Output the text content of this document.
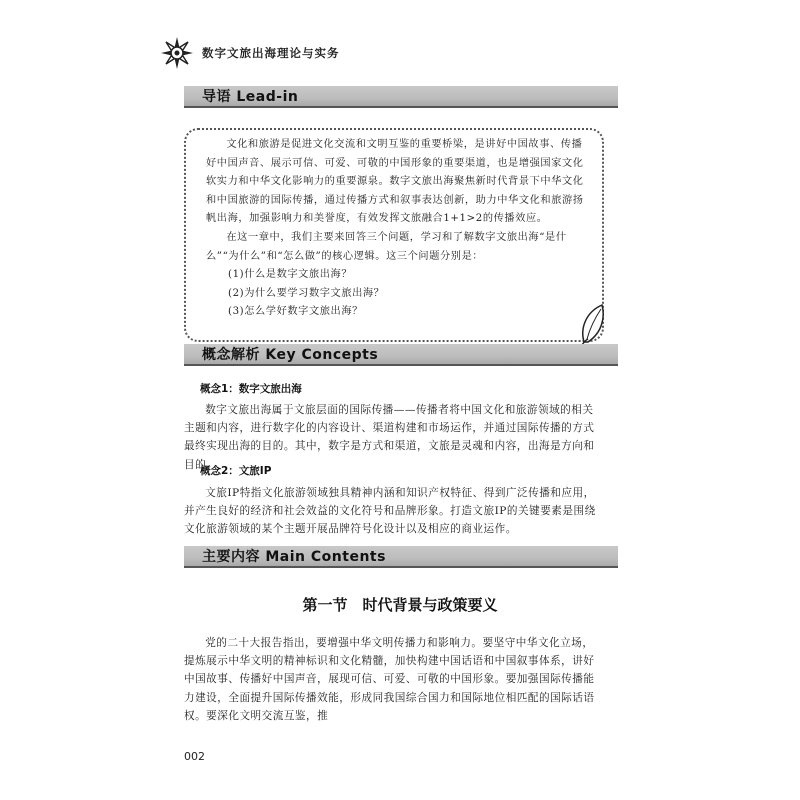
数字文旅出海理论与实务
导语 Lead-in

文化和旅游是促进文化交流和文明互鉴的重要桥梁，是讲好中国故事、传播好中国声音、展示可信、可爱、可敬的中国形象的重要渠道，也是增强国家文化软实力和中华文化影响力的重要源泉。数字文旅出海聚焦新时代背景下中华文化和中国旅游的国际传播，通过传播方式和叙事表达创新，助力中华文化和旅游扬帆出海，加强影响力和美誉度，有效发挥文旅融合1+1>2的传播效应。

在这一章中，我们主要来回答三个问题，学习和了解数字文旅出海“是什么”“为什么”和“怎么做”的核心逻辑。这三个问题分别是：

(1)什么是数字文旅出海？

(2)为什么要学习数字文旅出海？

(3)怎么学好数字文旅出海？

概念解析 Key Concepts
概念1：数字文旅出海

数字文旅出海属于文旅层面的国际传播——传播者将中国文化和旅游领域的相关主题和内容，进行数字化的内容设计、渠道构建和市场运作，并通过国际传播的方式最终实现出海的目的。其中，数字是方式和渠道，文旅是灵魂和内容，出海是方向和目的。

概念2：文旅IP

文旅IP特指文化旅游领域独具精神内涵和知识产权特征、得到广泛传播和应用，并产生良好的经济和社会效益的文化符号和品牌形象。打造文旅IP的关键要素是围绕文化旅游领域的某个主题开展品牌符号化设计以及相应的商业运作。

主要内容 Main Contents
第一节　时代背景与政策要义

党的二十大报告指出，要增强中华文明传播力和影响力。要坚守中华文化立场，提炼展示中华文明的精神标识和文化精髓，加快构建中国话语和中国叙事体系，讲好中国故事、传播好中国声音，展现可信、可爱、可敬的中国形象。要加强国际传播能力建设，全面提升国际传播效能，形成同我国综合国力和国际地位相匹配的国际话语权。要深化文明交流互鉴，推

002
